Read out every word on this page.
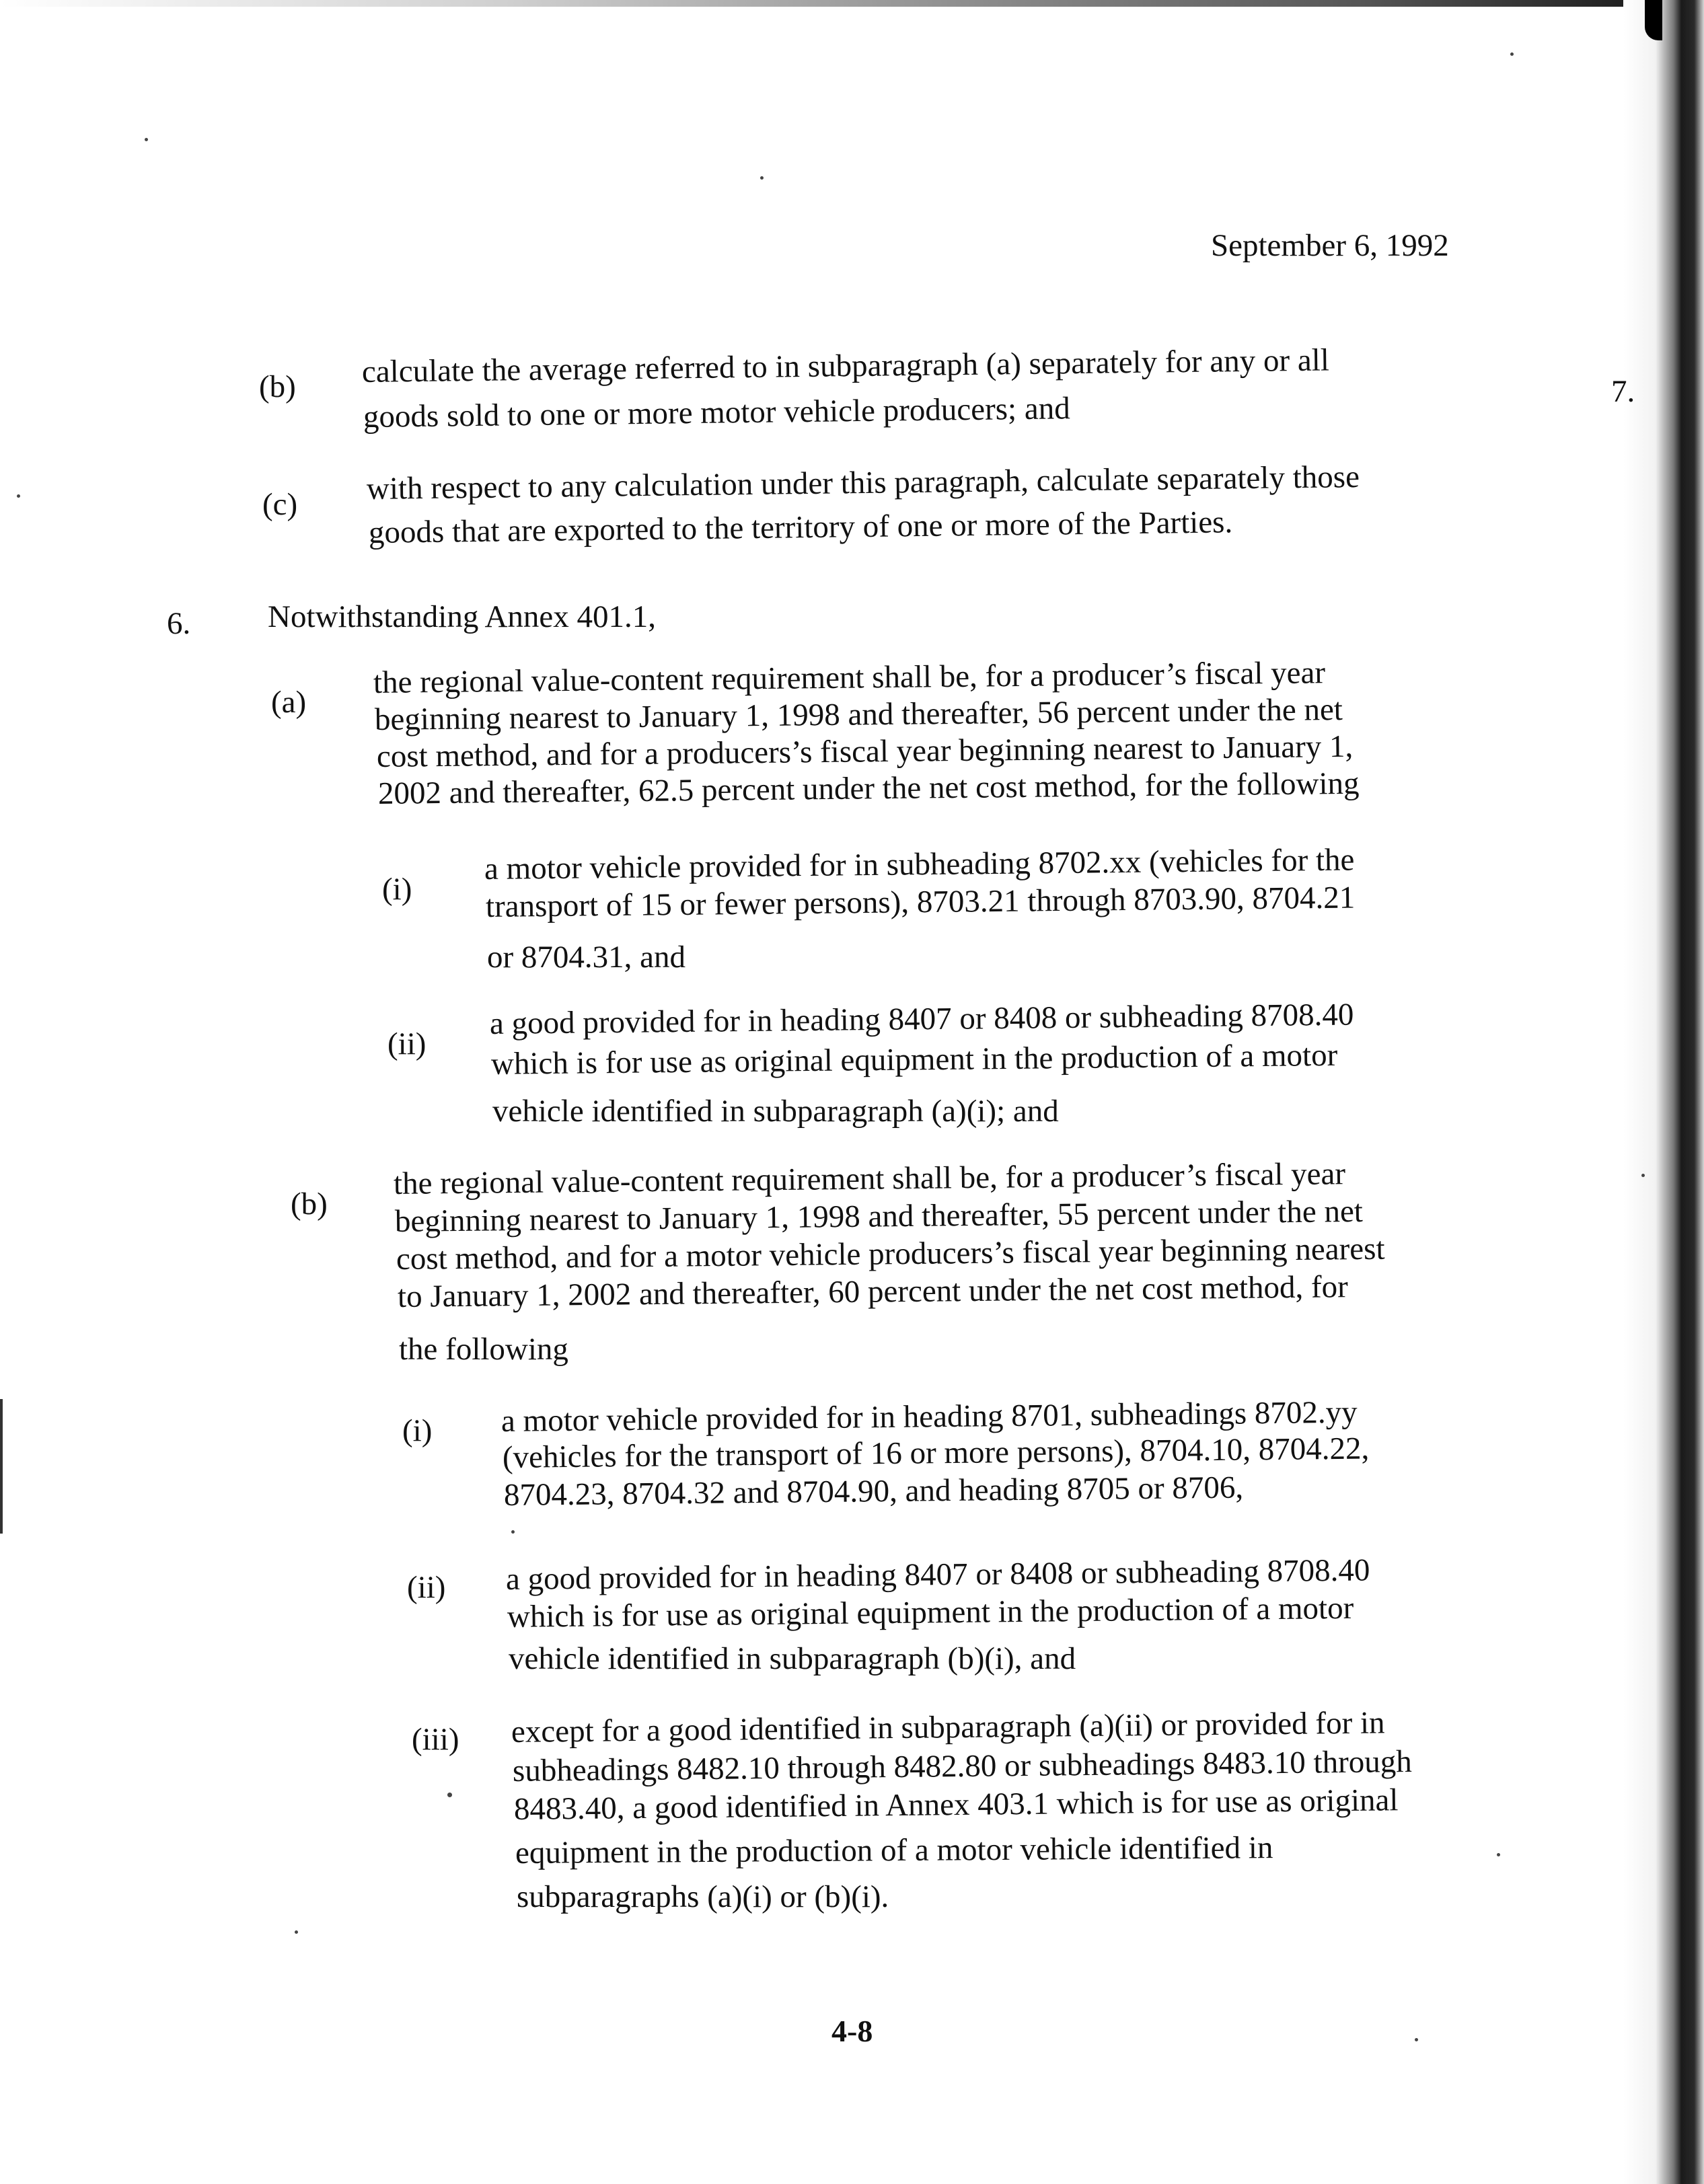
September 6, 1992
7.
(b) calculate the average referred to in subparagraph (a) separately for any or all
goods sold to one or more motor vehicle producers; and
(c) with respect to any calculation under this paragraph, calculate separately those
goods that are exported to the territory of one or more of the Parties.
6. Notwithstanding Annex 401.1,
(a)
the regional value-content requirement shall be, for a producer’s fiscal year
beginning nearest to January 1, 1998 and thereafter, 56 percent under the net
cost method, and for a producers’s fiscal year beginning nearest to January 1,
2002 and thereafter, 62.5 percent under the net cost method, for the following
(i)
a motor vehicle provided for in subheading 8702.xx (vehicles for the
transport of 15 or fewer persons), 8703.21 through 8703.90, 8704.21
or 8704.31, and
(ii)
a good provided for in heading 8407 or 8408 or subheading 8708.40
which is for use as original equipment in the production of a motor
vehicle identified in subparagraph (a)(i); and
(b)
the regional value-content requirement shall be, for a producer’s fiscal year
beginning nearest to January 1, 1998 and thereafter, 55 percent under the net
cost method, and for a motor vehicle producers’s fiscal year beginning nearest
to January 1, 2002 and thereafter, 60 percent under the net cost method, for
the following
(i) a motor vehicle provided for in heading 8701, subheadings 8702.yy
(vehicles for the transport of 16 or more persons), 8704.10, 8704.22,
8704.23, 8704.32 and 8704.90, and heading 8705 or 8706,
(ii) a good provided for in heading 8407 or 8408 or subheading 8708.40
which is for use as original equipment in the production of a motor
vehicle identified in subparagraph (b)(i), and
(iii) except for a good identified in subparagraph (a)(ii) or provided for in
subheadings 8482.10 through 8482.80 or subheadings 8483.10 through
8483.40, a good identified in Annex 403.1 which is for use as original
equipment in the production of a motor vehicle identified in
subparagraphs (a)(i) or (b)(i).
4-8
